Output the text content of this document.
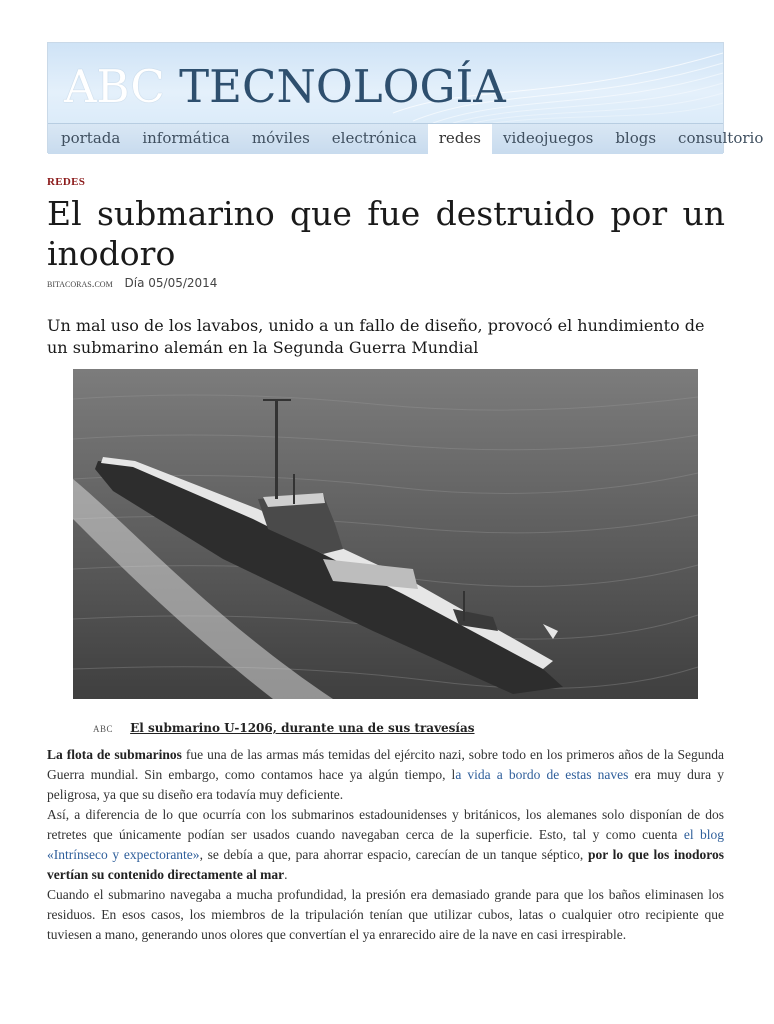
ABC TECNOLOGÍA
portada	informática	móviles	electrónica	redes	videojuegos	blogs	consultorio
REDES
El submarino que fue destruido por un inodoro
bitacoras.com Día 05/05/2014

Un mal uso de los lavabos, unido a un fallo de diseño, provocó el hundimiento de un submarino alemán en la Segunda Guerra Mundial

ABC El submarino U-1206, durante una de sus travesías

La flota de submarinos fue una de las armas más temidas del ejército nazi, sobre todo en los primeros años de la Segunda Guerra mundial. Sin embargo, como contamos hace ya algún tiempo, la vida a bordo de estas naves era muy dura y peligrosa, ya que su diseño era todavía muy deficiente.

Así, a diferencia de lo que ocurría con los submarinos estadounidenses y británicos, los alemanes solo disponían de dos retretes que únicamente podían ser usados cuando navegaban cerca de la superficie. Esto, tal y como cuenta el blog «Intrínseco y expectorante», se debía a que, para ahorrar espacio, carecían de un tanque séptico, por lo que los inodoros vertían su contenido directamente al mar.

Cuando el submarino navegaba a mucha profundidad, la presión era demasiado grande para que los baños eliminasen los residuos. En esos casos, los miembros de la tripulación tenían que utilizar cubos, latas o cualquier otro recipiente que tuviesen a mano, generando unos olores que convertían el ya enrarecido aire de la nave en casi irrespirable.
